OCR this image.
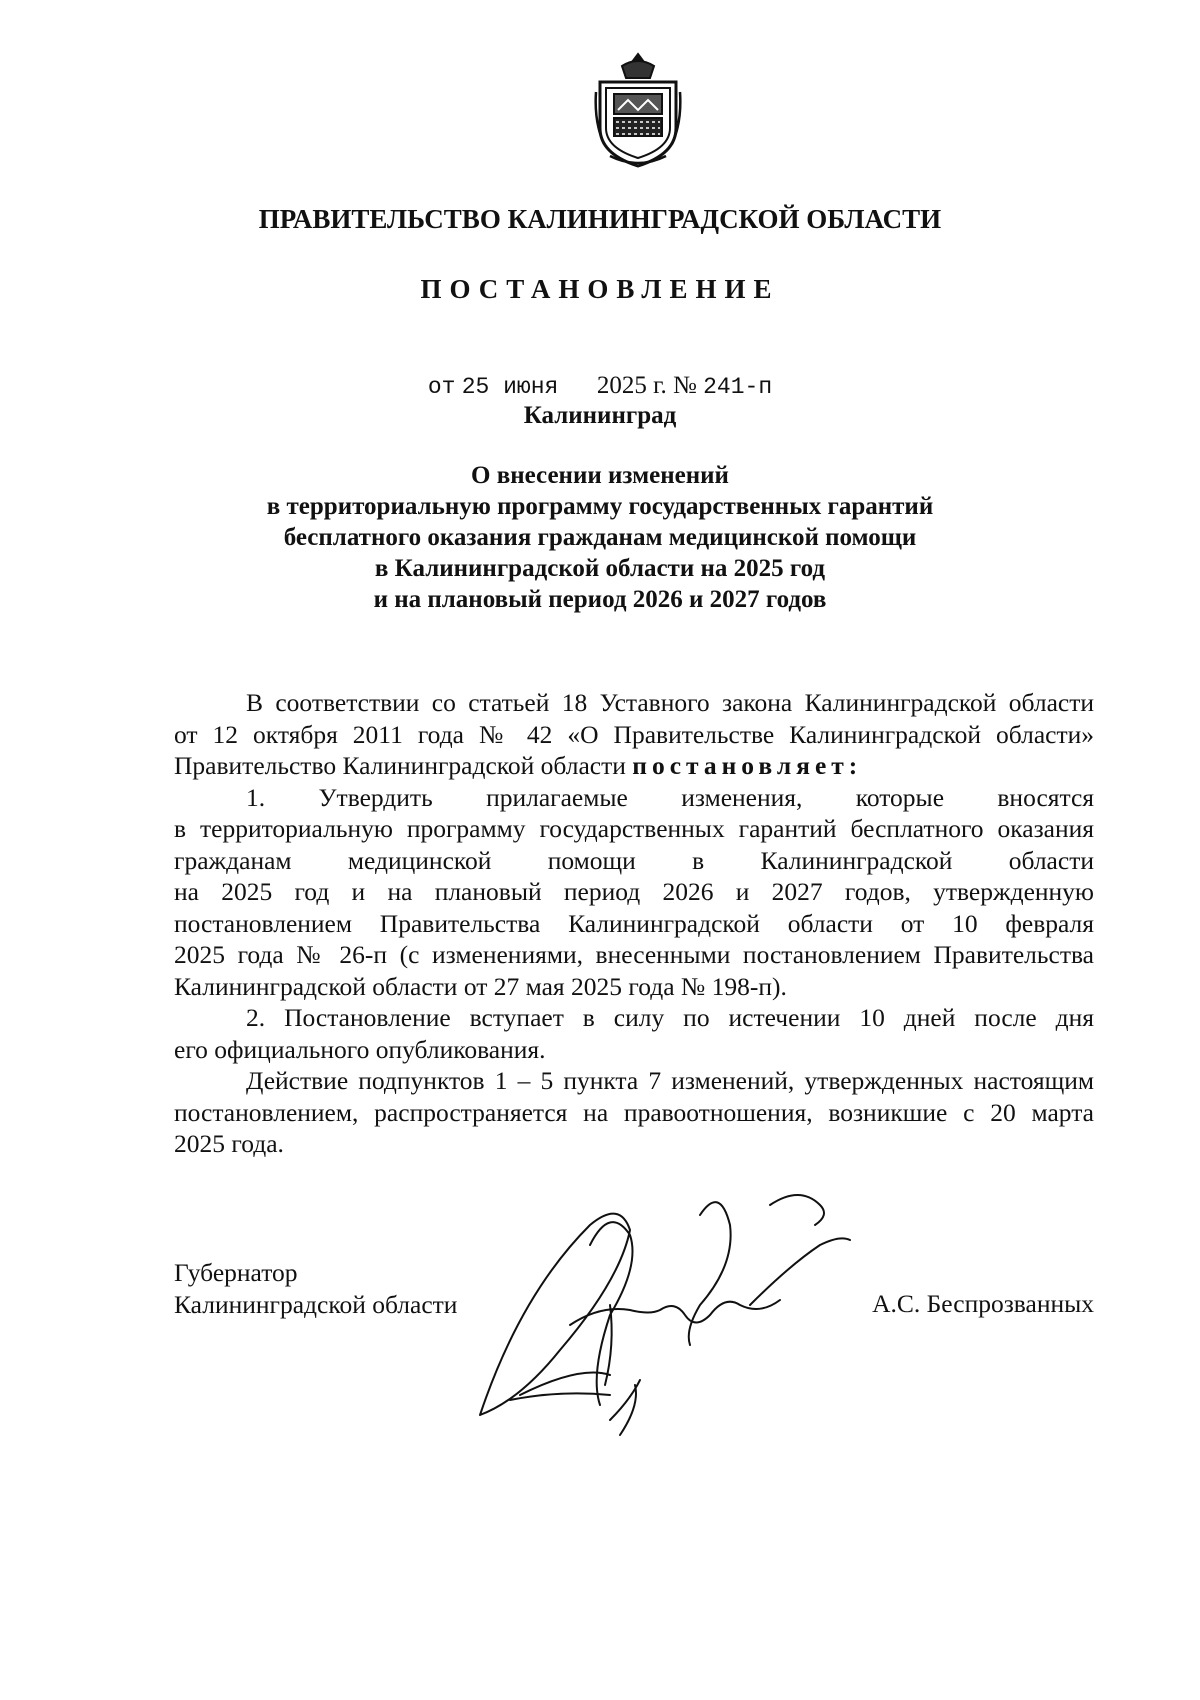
ПРАВИТЕЛЬСТВО КАЛИНИНГРАДСКОЙ ОБЛАСТИ
ПОСТАНОВЛЕНИЕ
от 25 июня 2025 г. № 241-п
Калининград
О внесении изменений
в территориальную программу государственных гарантий
бесплатного оказания гражданам медицинской помощи
в Калининградской области на 2025 год
и на плановый период 2026 и 2027 годов

В соответствии со статьей 18 Уставного закона Калининградской области
от 12 октября 2011 года № 42 «О Правительстве Калининградской области»
Правительство Калининградской области постановляет:

1. Утвердить прилагаемые изменения, которые вносятся
в территориальную программу государственных гарантий бесплатного оказания
гражданам медицинской помощи в Калининградской области
на 2025 год и на плановый период 2026 и 2027 годов, утвержденную
постановлением Правительства Калининградской области от 10 февраля
2025 года № 26-п (с изменениями, внесенными постановлением Правительства
Калининградской области от 27 мая 2025 года № 198-п).

2. Постановление вступает в силу по истечении 10 дней после дня
его официального опубликования.

Действие подпунктов 1 – 5 пункта 7 изменений, утвержденных настоящим
постановлением, распространяется на правоотношения, возникшие с 20 марта
2025 года.

Губернатор
Калининградской области	А.С. Беспрозванных
